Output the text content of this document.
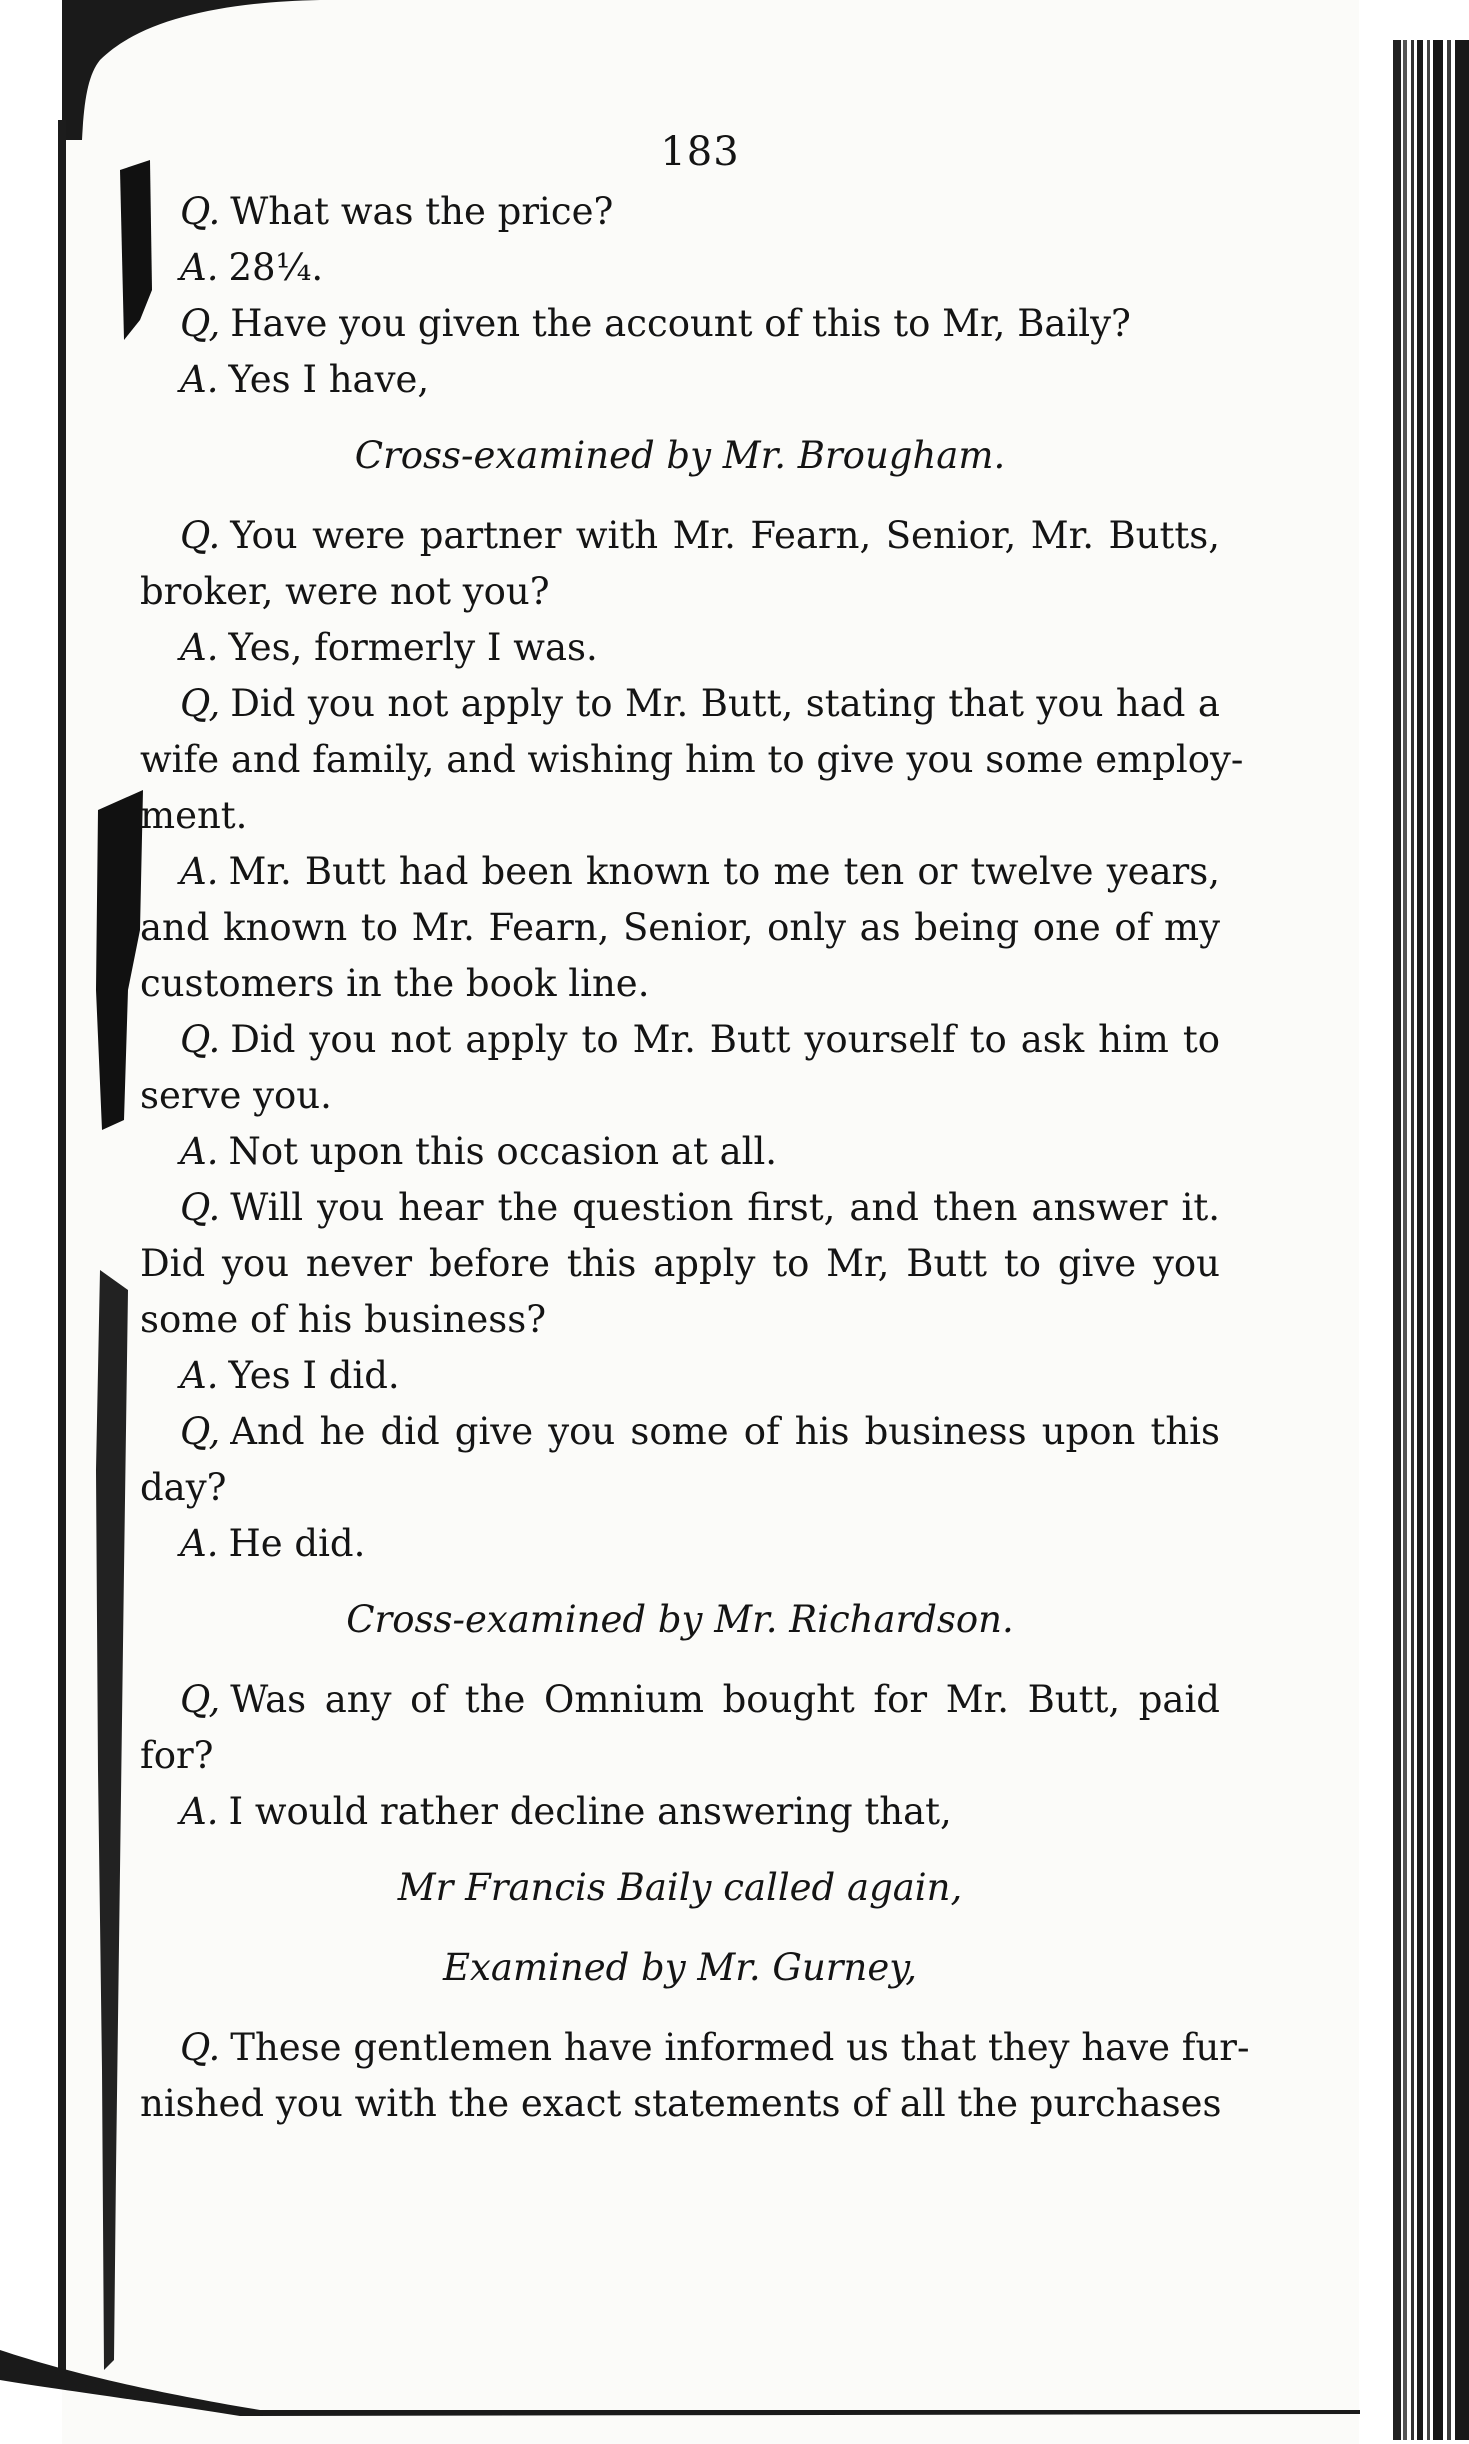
183
Q. What was the price?
A. 28¼.
Q, Have you given the account of this to Mr, Baily?
A. Yes I have,
Cross-examined by Mr. Brougham.
Q. You were partner with Mr. Fearn, Senior, Mr. Butts,
broker, were not you?
A. Yes, formerly I was.
Q, Did you not apply to Mr. Butt, stating that you had a
wife and family, and wishing him to give you some employ-
ment.
A. Mr. Butt had been known to me ten or twelve years,
and known to Mr. Fearn, Senior, only as being one of my
customers in the book line.
Q. Did you not apply to Mr. Butt yourself to ask him to
serve you.
A. Not upon this occasion at all.
Q. Will you hear the question first, and then answer it.
Did you never before this apply to Mr, Butt to give you
some of his business?
A. Yes I did.
Q, And he did give you some of his business upon this
day?
A. He did.
Cross-examined by Mr. Richardson.
Q, Was any of the Omnium bought for Mr. Butt, paid
for?
A. I would rather decline answering that,
Mr Francis Baily called again,
Examined by Mr. Gurney,
Q. These gentlemen have informed us that they have fur-
nished you with the exact statements of all the purchases
